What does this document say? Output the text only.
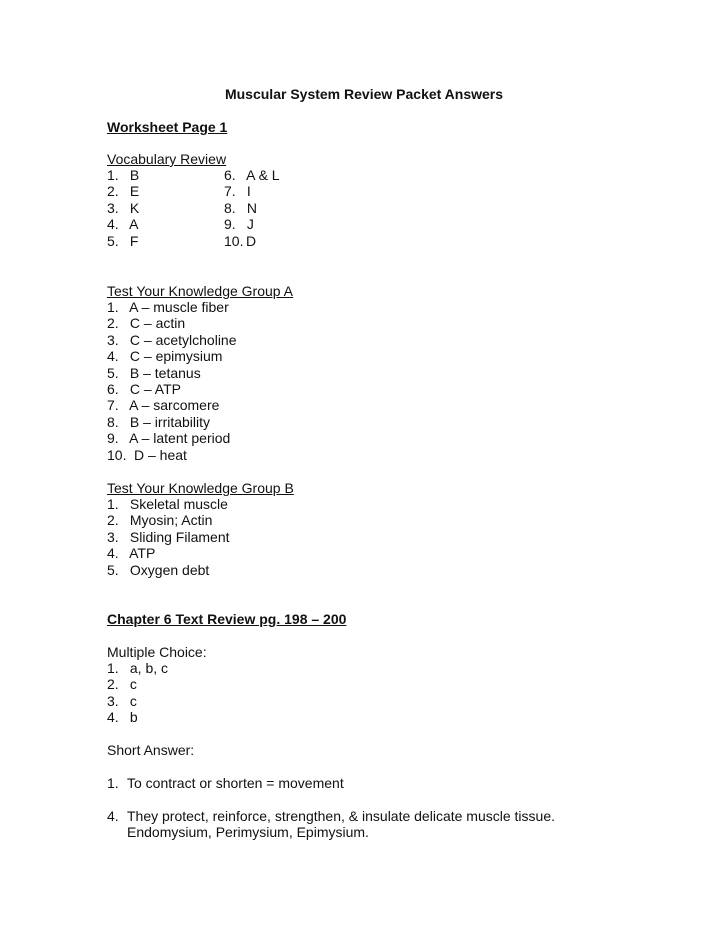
Muscular System Review Packet Answers
Worksheet Page 1
Vocabulary Review
1. B
2. E
3. K
4. A
5. F
6. A & L
7. I
8. N
9. J
10. D
Test Your Knowledge Group A
1. A – muscle fiber
2. C – actin
3. C – acetylcholine
4. C – epimysium
5. B – tetanus
6. C – ATP
7. A – sarcomere
8. B – irritability
9. A – latent period
10. D – heat
Test Your Knowledge Group B
1. Skeletal muscle
2. Myosin; Actin
3. Sliding Filament
4. ATP
5. Oxygen debt
Chapter 6 Text Review pg. 198 – 200
Multiple Choice:
1. a, b, c
2. c
3. c
4. b
Short Answer:
1. To contract or shorten = movement
4. They protect, reinforce, strengthen, & insulate delicate muscle tissue. Endomysium, Perimysium, Epimysium.
